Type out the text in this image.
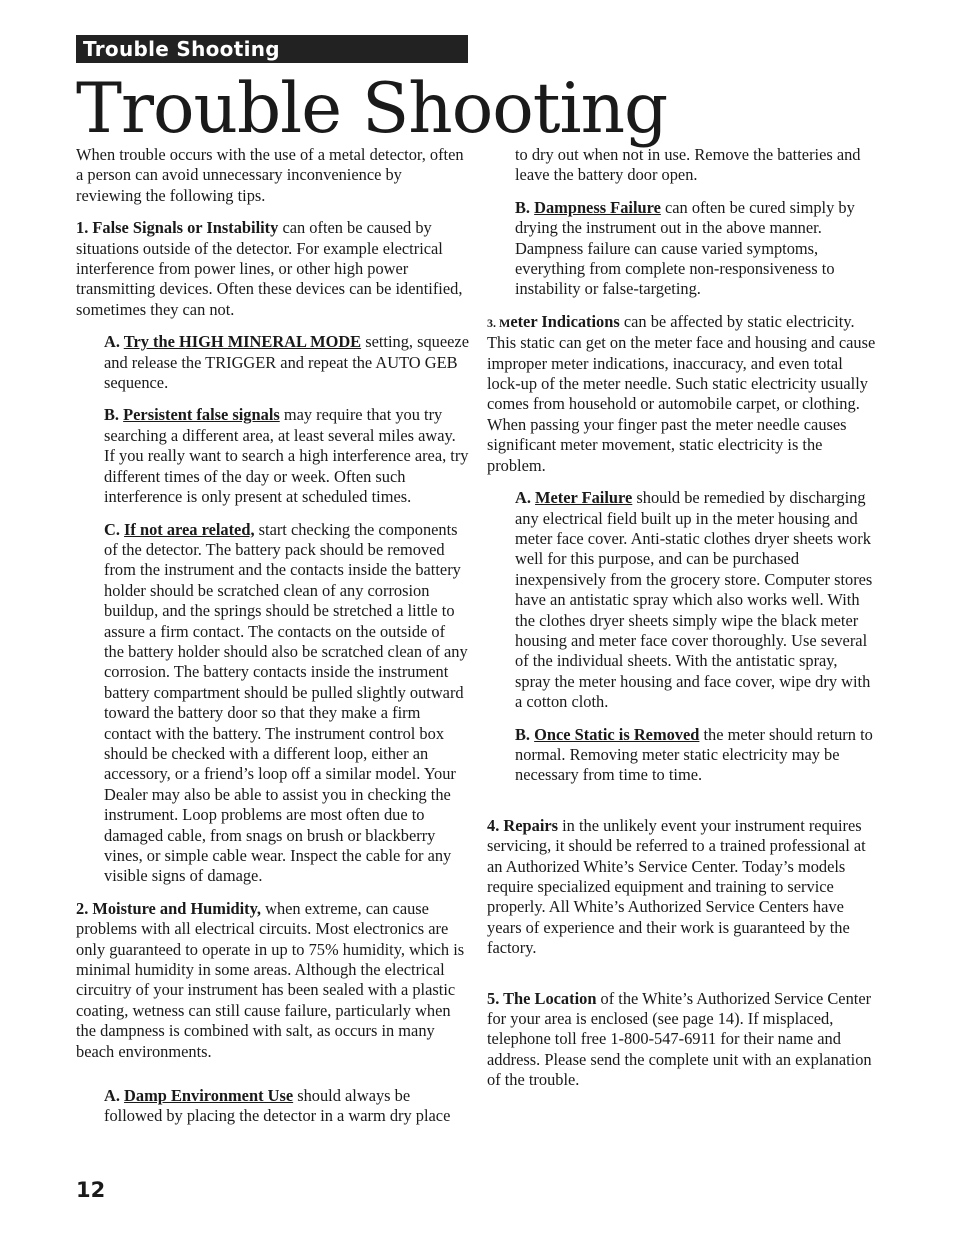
Trouble Shooting
Trouble Shooting

When trouble occurs with the use of a metal detector, often a person can avoid unnecessary inconvenience by reviewing the following tips.

1. False Signals or Instability can often be caused by situations outside of the detector. For example electrical interference from power lines, or other high power transmitting devices. Often these devices can be identified, sometimes they can not.

A. Try the HIGH MINERAL MODE setting, squeeze and release the TRIGGER and repeat the AUTO GEB sequence.

B. Persistent false signals may require that you try searching a different area, at least several miles away. If you really want to search a high interference area, try different times of the day or week. Often such interference is only present at scheduled times.

C. If not area related, start checking the components of the detector. The battery pack should be removed from the instrument and the contacts inside the battery holder should be scratched clean of any corrosion buildup, and the springs should be stretched a little to assure a firm contact. The contacts on the outside of the battery holder should also be scratched clean of any corrosion. The battery contacts inside the instrument battery compartment should be pulled slightly outward toward the battery door so that they make a firm contact with the battery. The instrument control box should be checked with a different loop, either an accessory, or a friend’s loop off a similar model. Your Dealer may also be able to assist you in checking the instrument. Loop problems are most often due to damaged cable, from snags on brush or blackberry vines, or simple cable wear. Inspect the cable for any visible signs of damage.

2. Moisture and Humidity, when extreme, can cause problems with all electrical circuits. Most electronics are only guaranteed to operate in up to 75% humidity, which is minimal humidity in some areas. Although the electrical circuitry of your instrument has been sealed with a plastic coating, wetness can still cause failure, particularly when the dampness is combined with salt, as occurs in many beach environments.

A. Damp Environment Use should always be followed by placing the detector in a warm dry place

to dry out when not in use. Remove the batteries and leave the battery door open.

B. Dampness Failure can often be cured simply by drying the instrument out in the above manner. Dampness failure can cause varied symptoms, everything from complete non-responsiveness to instability or false-targeting.

3. Meter Indications can be affected by static electricity. This static can get on the meter face and housing and cause improper meter indications, inaccuracy, and even total lock-up of the meter needle. Such static electricity usually comes from household or automobile carpet, or clothing. When passing your finger past the meter needle causes significant meter movement, static electricity is the problem.

A. Meter Failure should be remedied by discharging any electrical field built up in the meter housing and meter face cover. Anti-static clothes dryer sheets work well for this purpose, and can be purchased inexpensively from the grocery store. Computer stores have an antistatic spray which also works well. With the clothes dryer sheets simply wipe the black meter housing and meter face cover thoroughly. Use several of the individual sheets. With the antistatic spray, spray the meter housing and face cover, wipe dry with a cotton cloth.

B. Once Static is Removed the meter should return to normal. Removing meter static electricity may be necessary from time to time.

4. Repairs in the unlikely event your instrument requires servicing, it should be referred to a trained professional at an Authorized White’s Service Center. Today’s models require specialized equipment and training to service properly. All White’s Authorized Service Centers have years of experience and their work is guaranteed by the factory.

5. The Location of the White’s Authorized Service Center for your area is enclosed (see page 14). If misplaced, telephone toll free 1-800-547-6911 for their name and address. Please send the complete unit with an explanation of the trouble.

12
